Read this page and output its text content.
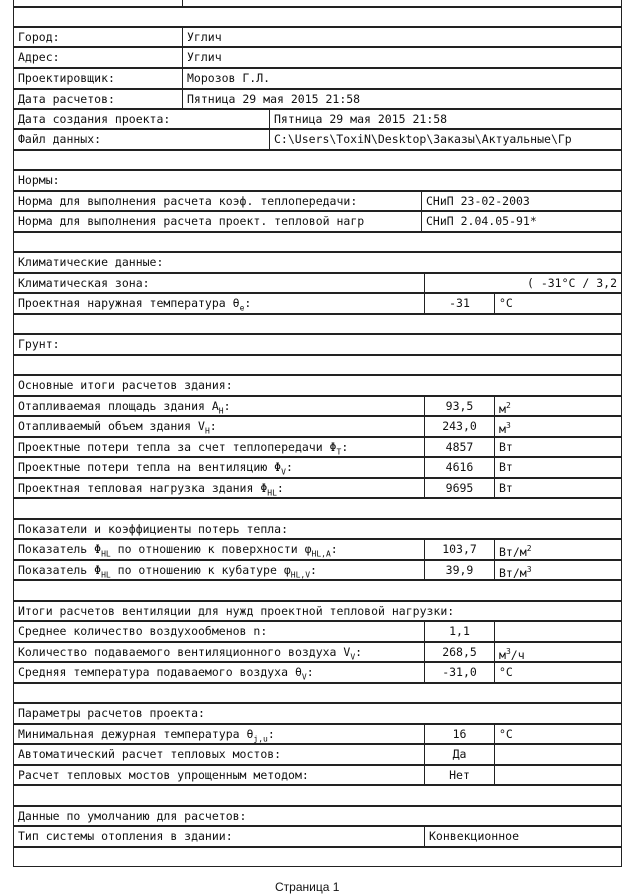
Город:	Углич
Адрес:	Углич
Проектировщик:	Морозов Г.Л.
Дата расчетов:	Пятница 29 мая 2015 21:58
Дата создания проекта:	Пятница 29 мая 2015 21:58
Файл данных:	C:\Users\ToxiN\Desktop\Заказы\Актуальные\Гр
Нормы:
Норма для выполнения расчета коэф. теплопередачи:	СНиП 23-02-2003
Норма для выполнения расчета проект. тепловой нагр	СНиП 2.04.05-91*
Климатические данные:
Климатическая зона:	( -31°C / 3,2
Проектная наружная температура $\theta_e$:	-31	°C
Грунт:
Основные итоги расчетов здания:
Отапливаемая площадь здания $A_H$:	93,5	$м^2$
Отапливаемый объем здания $V_H$:	243,0	$м^3$
Проектные потери тепла за счет теплопередачи $\Phi_T$:	4857	Вт
Проектные потери тепла на вентиляцию $\Phi_V$:	4616	Вт
Проектная тепловая нагрузка здания $\Phi_{HL}$:	9695	Вт
Показатели и коэффициенты потерь тепла:
Показатель $\Phi_{HL}$ по отношению к поверхности $\varphi_{HL,A}$:	103,7	$Вт/м^2$
Показатель $\Phi_{HL}$ по отношению к кубатуре $\varphi_{HL,V}$:	39,9	$Вт/м^3$
Итоги расчетов вентиляции для нужд проектной тепловой нагрузки:
Среднее количество воздухообменов n:	1,1
Количество подаваемого вентиляционного воздуха $V_V$:	268,5	$м^3/ч$
Средняя температура подаваемого воздуха $\theta_V$:	-31,0	°C
Параметры расчетов проекта:
Минимальная дежурная температура $\theta_{j,u}$:	16	°C
Автоматический расчет тепловых мостов:	Да
Расчет тепловых мостов упрощенным методом:	Нет
Данные по умолчанию для расчетов:
Тип системы отопления в здании:	Конвекционное
Страница 1
